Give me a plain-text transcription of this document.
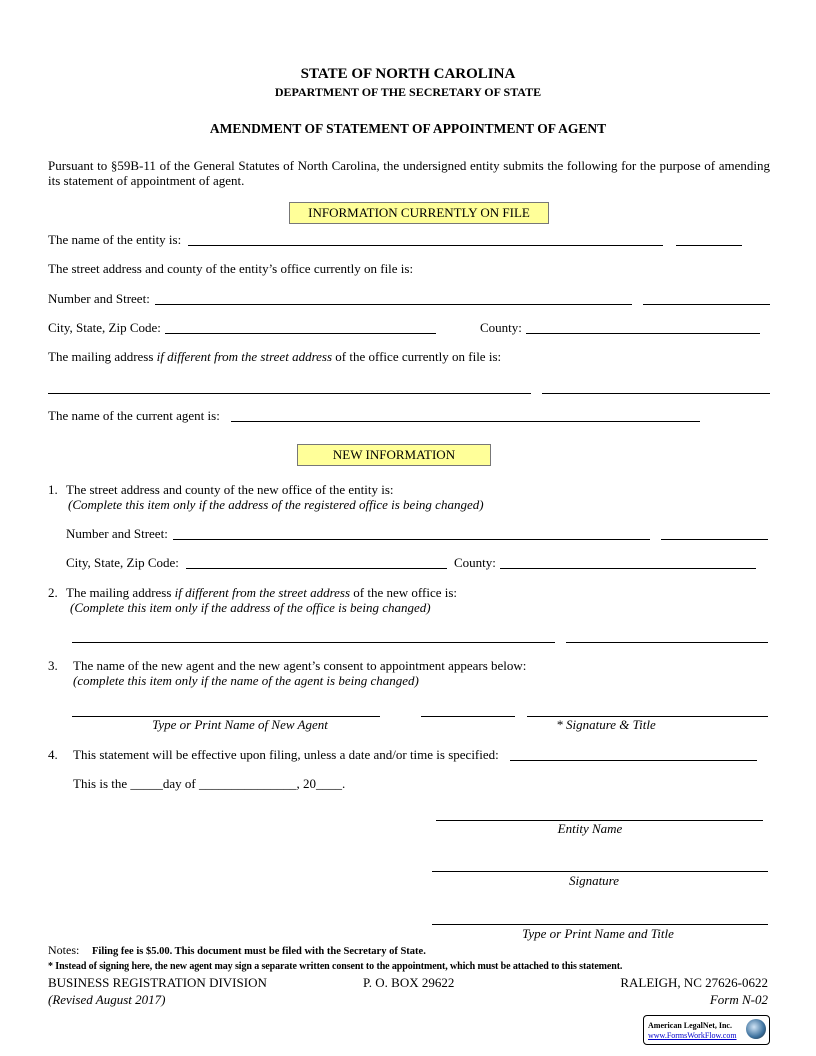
STATE OF NORTH CAROLINA
DEPARTMENT OF THE SECRETARY OF STATE
AMENDMENT OF STATEMENT OF APPOINTMENT OF AGENT
Pursuant to §59B-11 of the General Statutes of North Carolina, the undersigned entity submits the following for the purpose of amending its statement of appointment of agent.
INFORMATION CURRENTLY ON FILE
The name of the entity is:
The street address and county of the entity’s office currently on file is:
Number and Street:
City, State, Zip Code:	County:
The mailing address if different from the street address of the office currently on file is:
The name of the current agent is:
NEW INFORMATION
1. The street address and county of the new office of the entity is:
(Complete this item only if the address of the registered office is being changed)
Number and Street:
City, State, Zip Code:	County:
2. The mailing address if different from the street address of the new office is:
(Complete this item only if the address of the office is being changed)
3. The name of the new agent and the new agent’s consent to appointment appears below:
(complete this item only if the name of the agent is being changed)
Type or Print Name of New Agent	* Signature & Title
4. This statement will be effective upon filing, unless a date and/or time is specified:
This is the _____day of _______________, 20____.
Entity Name
Signature
Type or Print Name and Title
Notes: Filing fee is $5.00. This document must be filed with the Secretary of State.
* Instead of signing here, the new agent may sign a separate written consent to the appointment, which must be attached to this statement.
BUSINESS REGISTRATION DIVISION	P. O. BOX 29622	RALEIGH, NC 27626-0622
(Revised August 2017)	Form N-02
American LegalNet, Inc.
www.FormsWorkFlow.com
